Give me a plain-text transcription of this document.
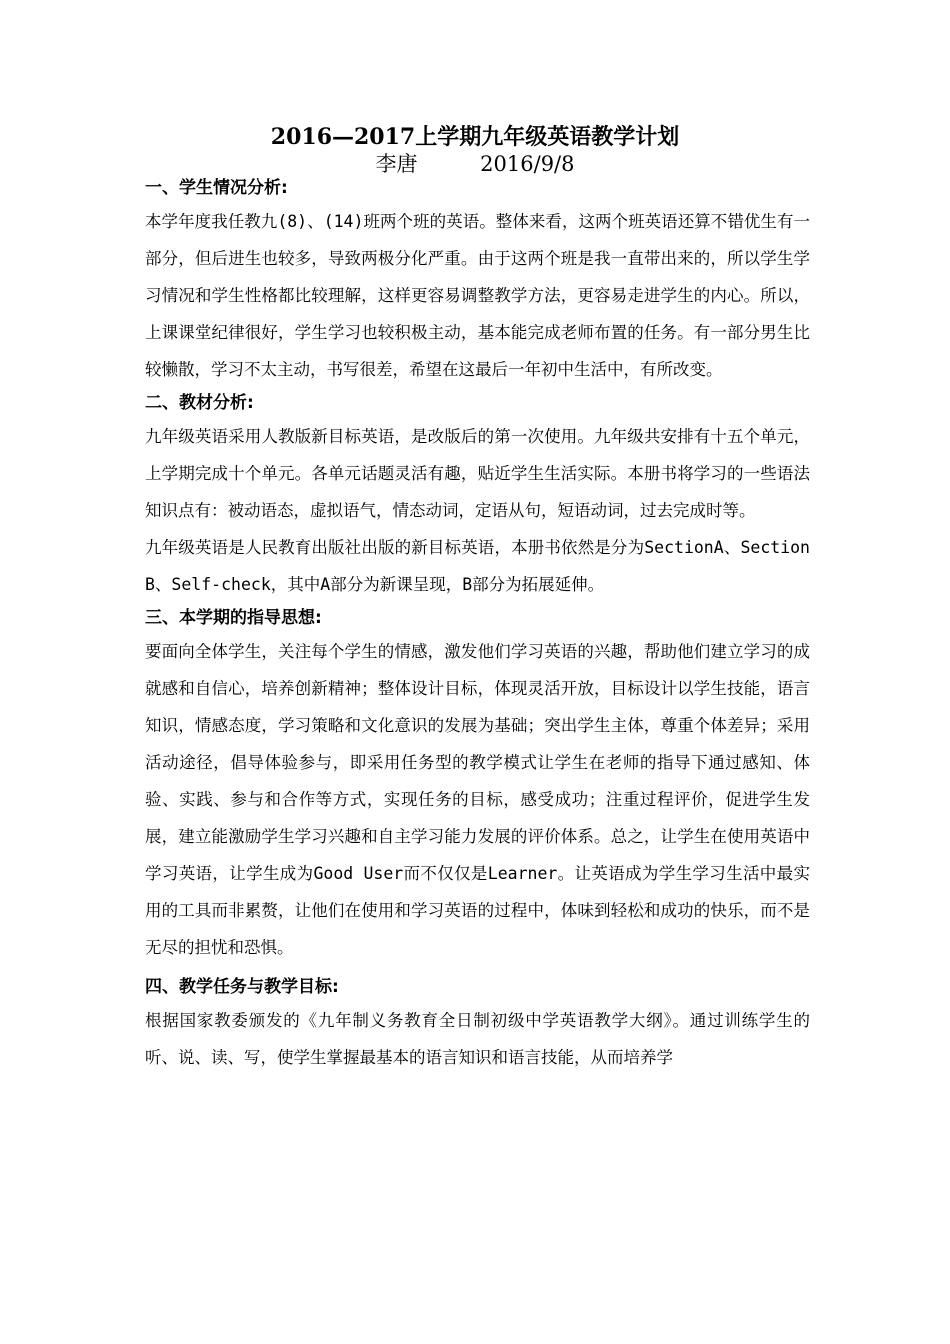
2016—2017上学期九年级英语教学计划
李唐	2016/9/8
一、学生情况分析:

本学年度我任教九(8)、(14)班两个班的英语。整体来看，这两个班英语还算不错优生有一部分，但后进生也较多，导致两极分化严重。由于这两个班是我一直带出来的，所以学生学习情况和学生性格都比较理解，这样更容易调整教学方法，更容易走进学生的内心。所以，上课课堂纪律很好，学生学习也较积极主动，基本能完成老师布置的任务。有一部分男生比较懒散，学习不太主动，书写很差，希望在这最后一年初中生活中，有所改变。

二、教材分析:

九年级英语采用人教版新目标英语，是改版后的第一次使用。九年级共安排有十五个单元，上学期完成十个单元。各单元话题灵活有趣，贴近学生生活实际。本册书将学习的一些语法知识点有：被动语态，虚拟语气，情态动词，定语从句，短语动词，过去完成时等。

九年级英语是人民教育出版社出版的新目标英语，本册书依然是分为SectionA、SectionB、Self-check，其中A部分为新课呈现，B部分为拓展延伸。

三、本学期的指导思想:

要面向全体学生，关注每个学生的情感，激发他们学习英语的兴趣，帮助他们建立学习的成就感和自信心，培养创新精神；整体设计目标，体现灵活开放，目标设计以学生技能，语言知识，情感态度，学习策略和文化意识的发展为基础；突出学生主体，尊重个体差异；采用活动途径，倡导体验参与，即采用任务型的教学模式让学生在老师的指导下通过感知、体验、实践、参与和合作等方式，实现任务的目标，感受成功；注重过程评价，促进学生发展，建立能激励学生学习兴趣和自主学习能力发展的评价体系。总之，让学生在使用英语中学习英语，让学生成为Good User而不仅仅是Learner。让英语成为学生学习生活中最实用的工具而非累赘，让他们在使用和学习英语的过程中，体味到轻松和成功的快乐，而不是无尽的担忧和恐惧。

四、教学任务与教学目标:

根据国家教委颁发的《九年制义务教育全日制初级中学英语教学大纲》。通过训练学生的听、说、读、写，使学生掌握最基本的语言知识和语言技能，从而培养学
